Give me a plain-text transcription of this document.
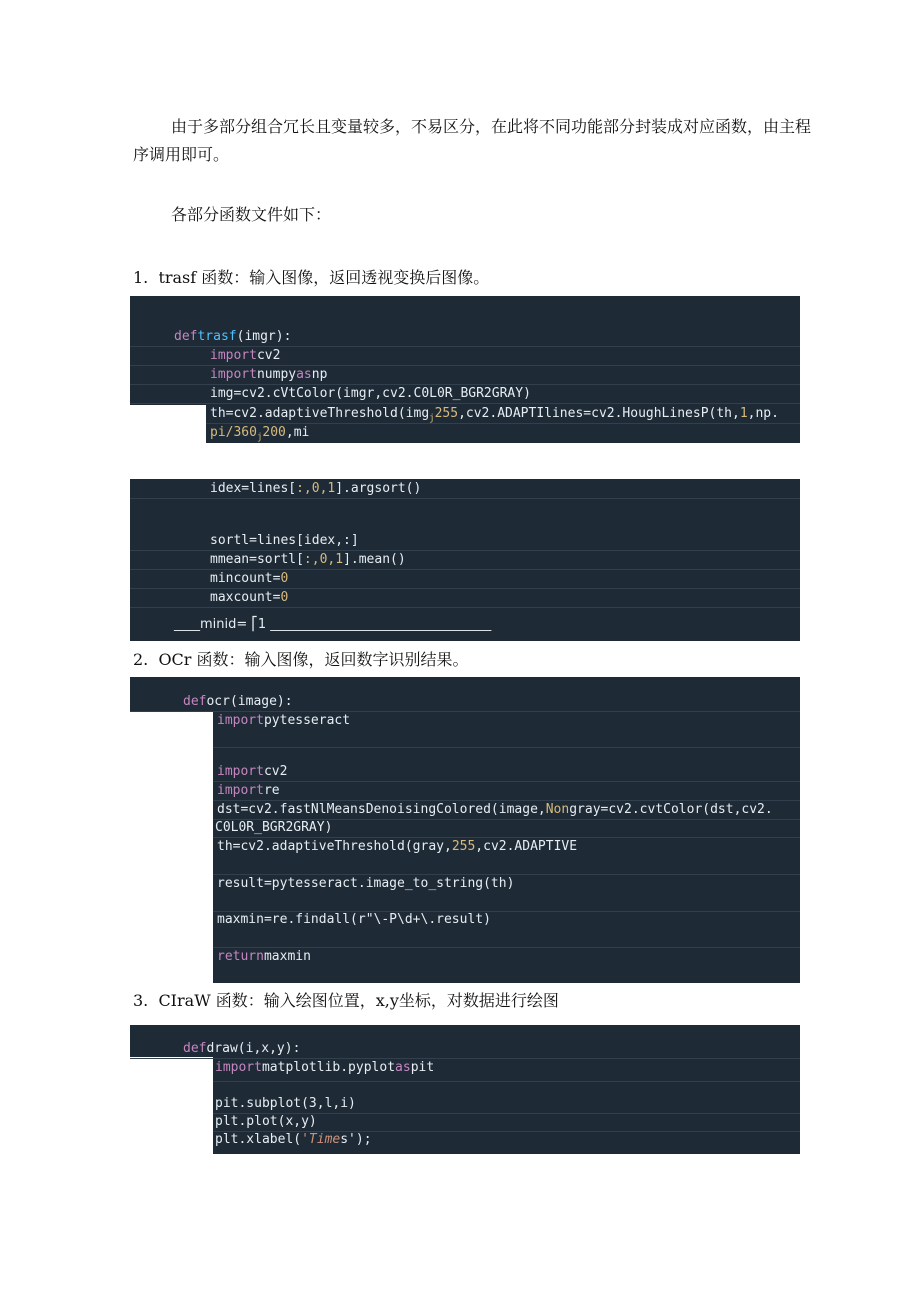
由于多部分组合冗长且变量较多，不易区分，在此将不同功能部分封装成对应函数，由主程序调用即可。

各部分函数文件如下：

1. trasf 函数：输入图像，返回透视变换后图像。
deftrasf(imgr):
importcv2
importnumpyasnp
img=cv2.cVtColor(imgr,cv2.C0L0R_BGR2GRAY)
th=cv2.adaptiveThreshold(img$_j$255,cv2.ADAPTIlines=cv2.HoughLinesP(th,1,np.
$pi/360_j200,mi$
idex=lines[:,0,1].argsort()
sortl=lines[idex,:]
mmean=sortl[:,0,1].mean()
mincount=0
maxcount=0
____minid= ⎡1 __________________________________
2. OCr 函数：输入图像，返回数字识别结果。
defocr(image):
importpytesseract
importcv2
importre
dst=cv2.fastNlMeansDenoisingColored(image,Nongray=cv2.cvtColor(dst,cv2.
C0L0R_BGR2GRAY)
th=cv2.adaptiveThreshold(gray,255,cv2.ADAPTIVE
result=pytesseract.image_to_string(th)
maxmin=re.findall(r"\-P\d+\.result)
returnmaxmin
3. CIraW 函数：输入绘图位置，x,y坐标，对数据进行绘图
defdraw(i,x,y):
importmatplotlib.pyplotaspit
pit.subplot(3,l,i)
plt.plot(x,y)
plt.xlabel('Times');
